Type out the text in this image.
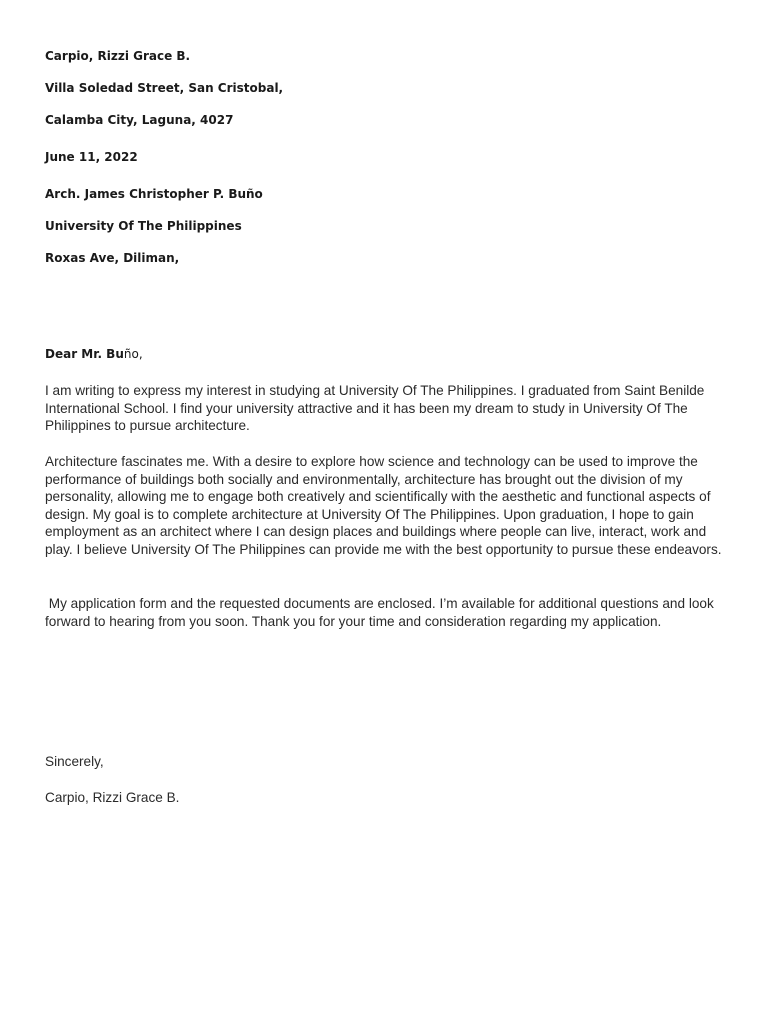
Carpio, Rizzi Grace B.
Villa Soledad Street, San Cristobal,
Calamba City, Laguna, 4027
June 11, 2022
Arch. James Christopher P. Buño
University Of The Philippines
Roxas Ave, Diliman,
Dear Mr. Buño,

I am writing to express my interest in studying at University Of The Philippines. I graduated from Saint Benilde International School. I find your university attractive and it has been my dream to study in University Of The Philippines to pursue architecture.

Architecture fascinates me. With a desire to explore how science and technology can be used to improve the performance of buildings both socially and environmentally, architecture has brought out the division of my personality, allowing me to engage both creatively and scientifically with the aesthetic and functional aspects of design. My goal is to complete architecture at University Of The Philippines. Upon graduation, I hope to gain employment as an architect where I can design places and buildings where people can live, interact, work and play. I believe University Of The Philippines can provide me with the best opportunity to pursue these endeavors.

My application form and the requested documents are enclosed. I’m available for additional questions and look forward to hearing from you soon. Thank you for your time and consideration regarding my application.

Sincerely,
Carpio, Rizzi Grace B.
